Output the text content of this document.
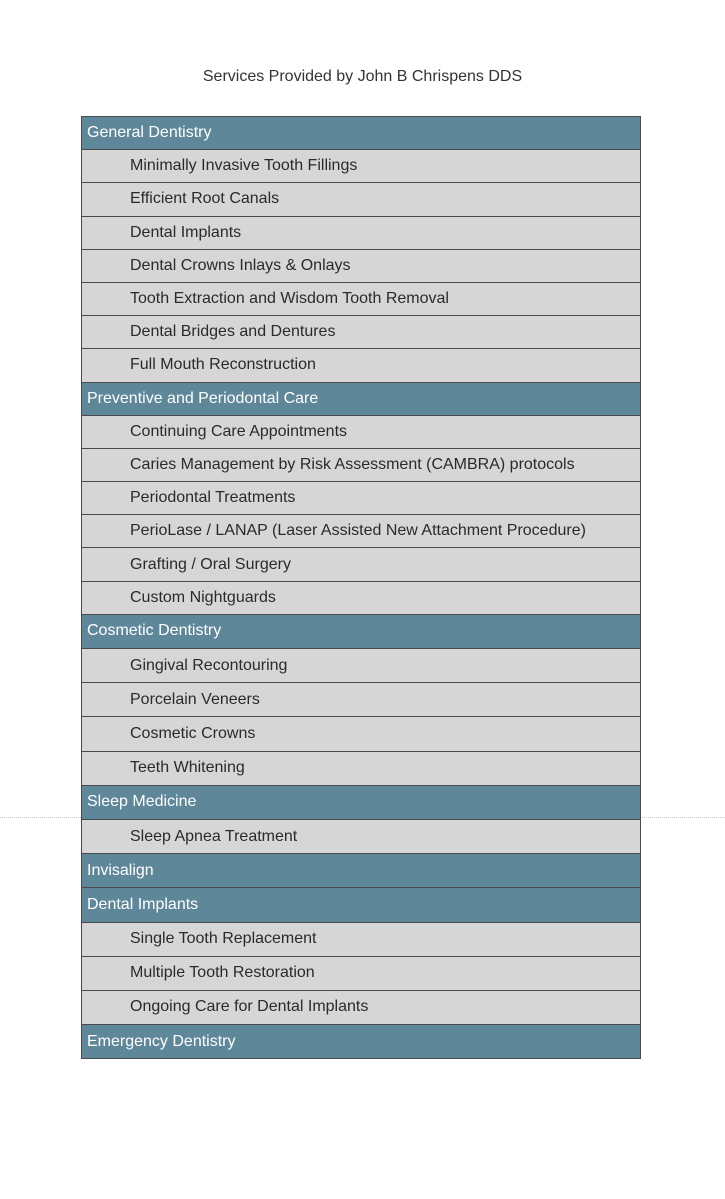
Services Provided by John B Chrispens DDS
General Dentistry
Minimally Invasive Tooth Fillings
Efficient Root Canals
Dental Implants
Dental Crowns Inlays & Onlays
Tooth Extraction and Wisdom Tooth Removal
Dental Bridges and Dentures
Full Mouth Reconstruction
Preventive and Periodontal Care
Continuing Care Appointments
Caries Management by Risk Assessment (CAMBRA) protocols
Periodontal Treatments
PerioLase / LANAP (Laser Assisted New Attachment Procedure)
Grafting / Oral Surgery
Custom Nightguards
Cosmetic Dentistry
Gingival Recontouring
Porcelain Veneers
Cosmetic Crowns
Teeth Whitening
Sleep Medicine
Sleep Apnea Treatment
Invisalign
Dental Implants
Single Tooth Replacement
Multiple Tooth Restoration
Ongoing Care for Dental Implants
Emergency Dentistry
